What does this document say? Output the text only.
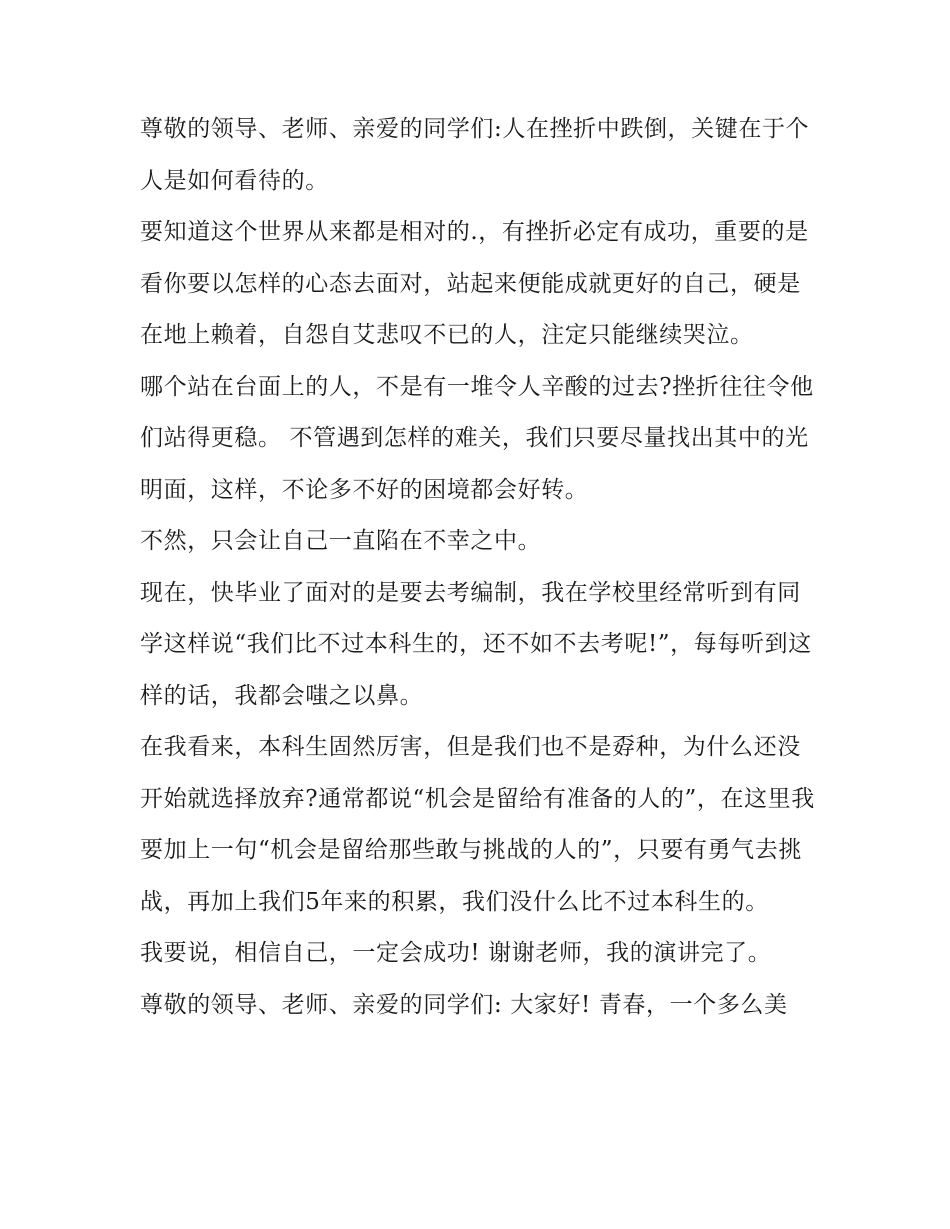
尊敬的领导、老师、亲爱的同学们:人在挫折中跌倒，关键在于个人是如何看待的。

要知道这个世界从来都是相对的.，有挫折必定有成功，重要的是看你要以怎样的心态去面对，站起来便能成就更好的自己，硬是在地上赖着，自怨自艾悲叹不已的人，注定只能继续哭泣。

哪个站在台面上的人，不是有一堆令人辛酸的过去?挫折往往令他们站得更稳。 不管遇到怎样的难关，我们只要尽量找出其中的光明面，这样，不论多不好的困境都会好转。

不然，只会让自己一直陷在不幸之中。

现在，快毕业了面对的是要去考编制，我在学校里经常听到有同学这样说“我们比不过本科生的，还不如不去考呢!”，每每听到这样的话，我都会嗤之以鼻。

在我看来，本科生固然厉害，但是我们也不是孬种，为什么还没开始就选择放弃?通常都说“机会是留给有准备的人的”，在这里我要加上一句“机会是留给那些敢与挑战的人的”，只要有勇气去挑战，再加上我们5年来的积累，我们没什么比不过本科生的。

我要说，相信自己，一定会成功! 谢谢老师，我的演讲完了。

尊敬的领导、老师、亲爱的同学们: 大家好! 青春，一个多么美
